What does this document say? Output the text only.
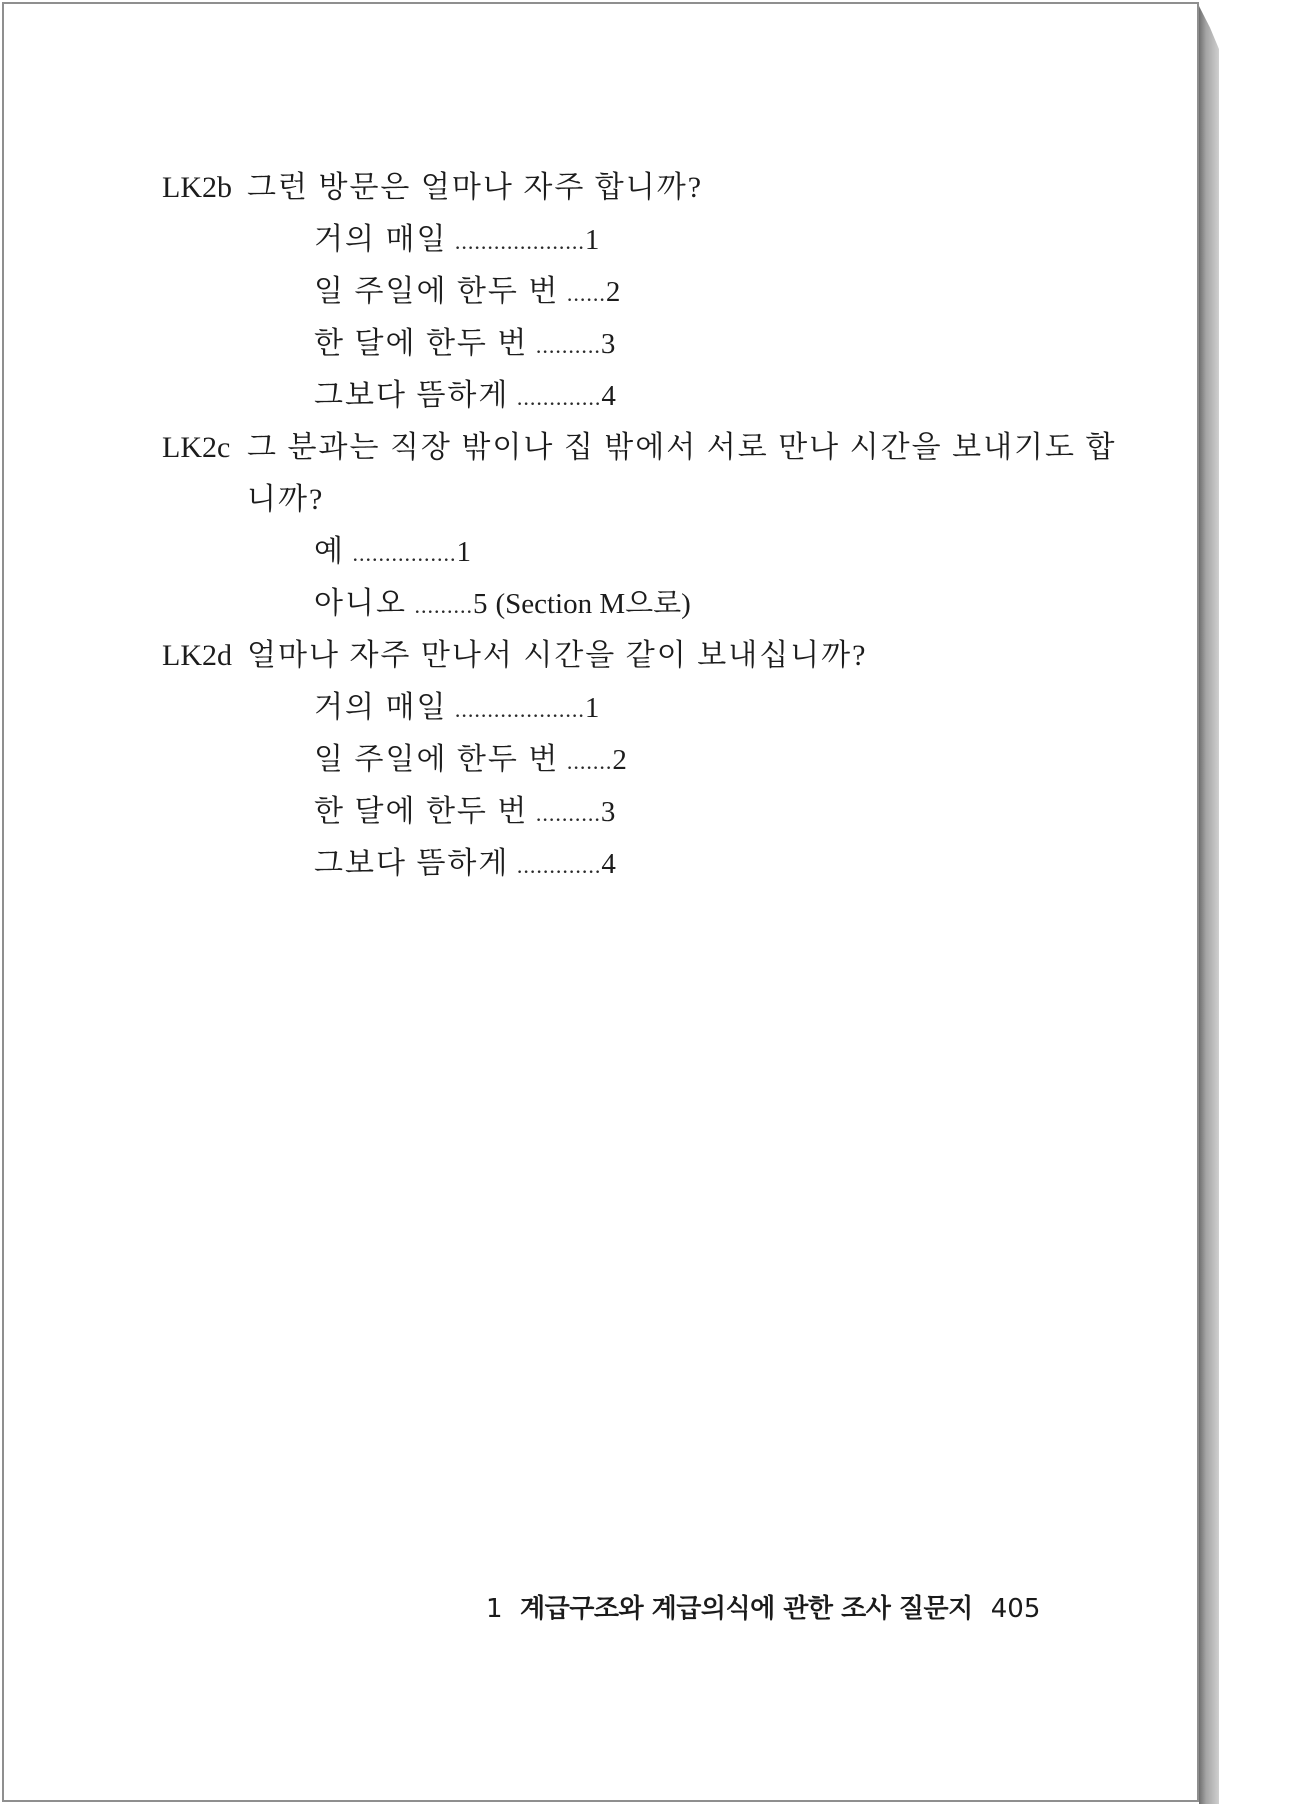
LK2b 그런 방문은 얼마나 자주 합니까?
거의 매일 ....................1
일 주일에 한두 번 ......2
한 달에 한두 번 ..........3
그보다 뜸하게 .............4
LK2c 그 분과는 직장 밖이나 집 밖에서 서로 만나 시간을 보내기도 합
니까?
예 ................1
아니오 .........5 (Section M으로)
LK2d 얼마나 자주 만나서 시간을 같이 보내십니까?
거의 매일 ....................1
일 주일에 한두 번 .......2
한 달에 한두 번 ..........3
그보다 뜸하게 .............4
1 계급구조와 계급의식에 관한 조사 질문지 405
